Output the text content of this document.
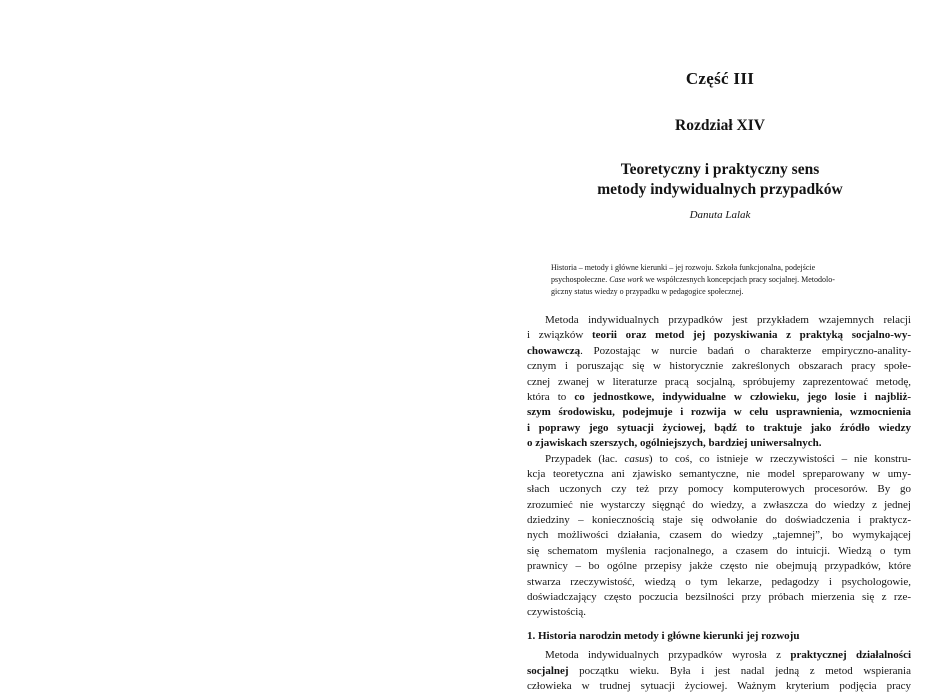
Część III
Rozdział XIV
Teoretyczny i praktyczny sens
metody indywidualnych przypadków
Danuta Lalak
Historia – metody i główne kierunki – jej rozwoju. Szkoła funkcjonalna, podejście
psychospołeczne. Case work we współczesnych koncepcjach pracy socjalnej. Metodolo-
giczny status wiedzy o przypadku w pedagogice społecznej.
Metoda indywidualnych przypadków jest przykładem wzajemnych relacji
i związków teorii oraz metod jej pozyskiwania z praktyką socjalno-wy-
chowawczą. Pozostając w nurcie badań o charakterze empiryczno-anality-
cznym i poruszając się w historycznie zakreślonych obszarach pracy społe-
cznej zwanej w literaturze pracą socjalną, spróbujemy zaprezentować metodę,
która to co jednostkowe, indywidualne w człowieku, jego losie i najbliż-
szym środowisku, podejmuje i rozwija w celu usprawnienia, wzmocnienia
i poprawy jego sytuacji życiowej, bądź to traktuje jako źródło wiedzy
o zjawiskach szerszych, ogólniejszych, bardziej uniwersalnych.
Przypadek (łac. casus) to coś, co istnieje w rzeczywistości – nie konstru-
kcja teoretyczna ani zjawisko semantyczne, nie model spreparowany w umy-
słach uczonych czy też przy pomocy komputerowych procesorów. By go
zrozumieć nie wystarczy sięgnąć do wiedzy, a zwłaszcza do wiedzy z jednej
dziedziny – koniecznością staje się odwołanie do doświadczenia i praktycz-
nych możliwości działania, czasem do wiedzy „tajemnej”, bo wymykającej
się schematom myślenia racjonalnego, a czasem do intuicji. Wiedzą o tym
prawnicy – bo ogólne przepisy jakże często nie obejmują przypadków, które
stwarza rzeczywistość, wiedzą o tym lekarze, pedagodzy i psychologowie,
doświadczający często poczucia bezsilności przy próbach mierzenia się z rze-
czywistością.
1. Historia narodzin metody i główne kierunki jej rozwoju
Metoda indywidualnych przypadków wyrosła z praktycznej działalności
socjalnej początku wieku. Była i jest nadal jedną z metod wspierania
człowieka w trudnej sytuacji życiowej. Ważnym kryterium podjęcia pracy
